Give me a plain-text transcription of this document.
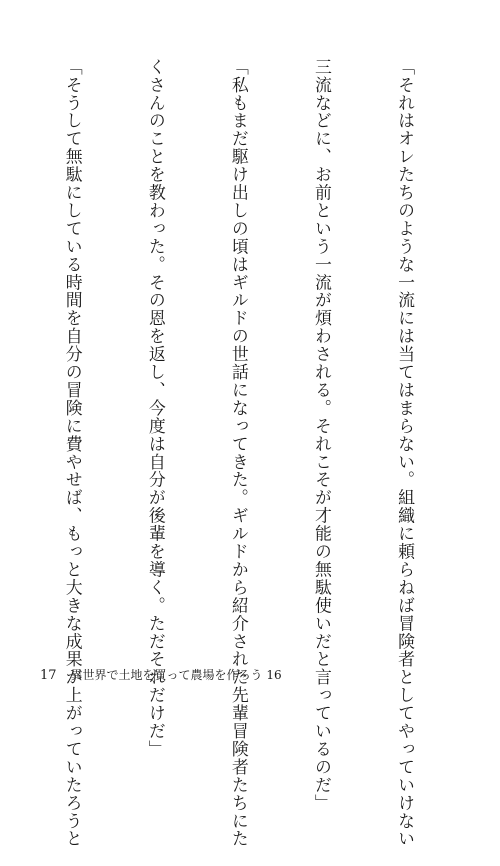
「それはオレたちのような一流には当てはまらない。組織に頼らねば冒険者としてやっていけない

三流などに、お前という一流が煩わされる。それこそが才能の無駄使いだと言っているのだ」

「私もまだ駆け出しの頃はギルドの世話になってきた。ギルドから紹介された先輩冒険者たちにた

くさんのことを教わった。その恩を返し、今度は自分が後輩を導く。ただそれだけだ」

「そうして無駄にしている時間を自分の冒険に費やせば、もっと大きな成果が上がっていたろうと

17 異世界で土地を買って農場を作ろう 16
